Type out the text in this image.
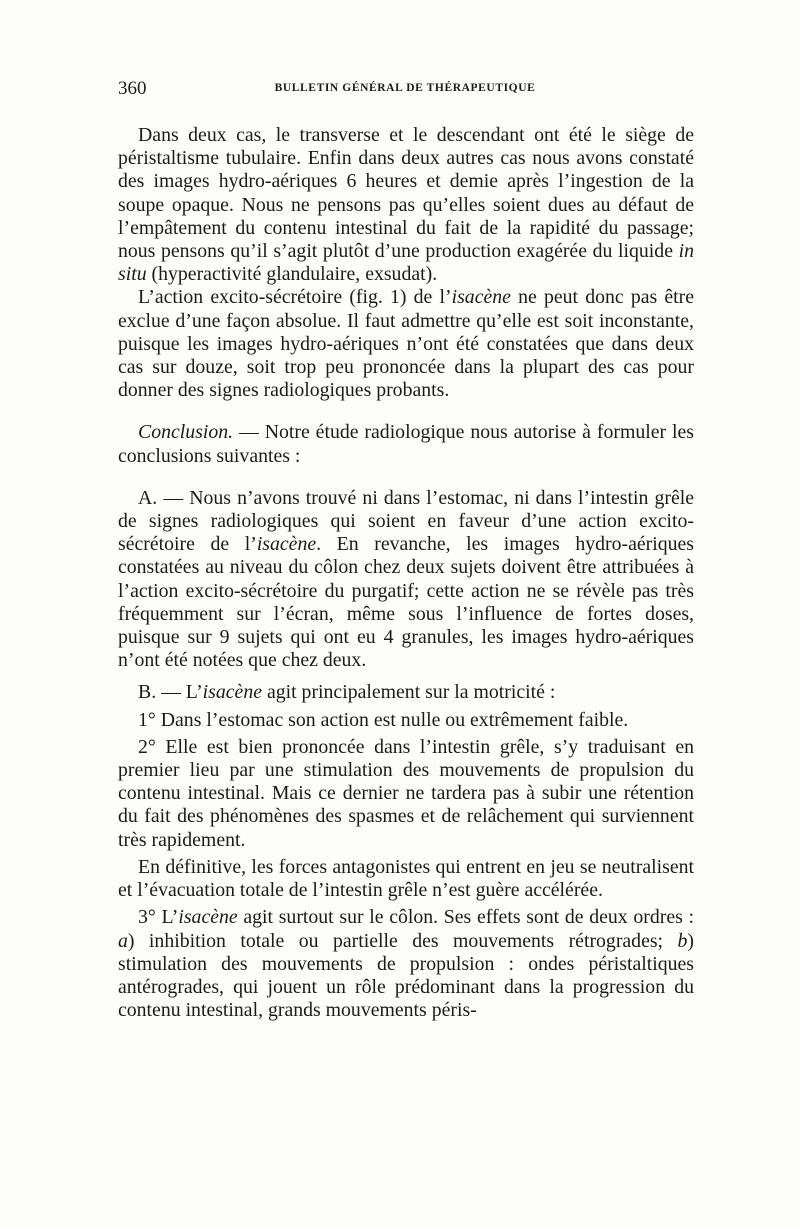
360	BULLETIN GÉNÉRAL DE THÉRAPEUTIQUE

Dans deux cas, le transverse et le descendant ont été le siège de péristaltisme tubulaire. Enfin dans deux autres cas nous avons constaté des images hydro-aériques 6 heures et demie après l’ingestion de la soupe opaque. Nous ne pensons pas qu’elles soient dues au défaut de l’empâtement du contenu intestinal du fait de la rapidité du passage; nous pensons qu’il s’agit plutôt d’une production exagérée du liquide in situ (hyperactivité glandulaire, exsudat).

L’action excito-sécrétoire (fig. 1) de l’isacène ne peut donc pas être exclue d’une façon absolue. Il faut admettre qu’elle est soit inconstante, puisque les images hydro-aériques n’ont été constatées que dans deux cas sur douze, soit trop peu prononcée dans la plupart des cas pour donner des signes radiologiques probants.

Conclusion. — Notre étude radiologique nous autorise à formuler les conclusions suivantes :

A. — Nous n’avons trouvé ni dans l’estomac, ni dans l’intestin grêle de signes radiologiques qui soient en faveur d’une action excito-sécrétoire de l’isacène. En revanche, les images hydro-aériques constatées au niveau du côlon chez deux sujets doivent être attribuées à l’action excito-sécrétoire du purgatif; cette action ne se révèle pas très fréquemment sur l’écran, même sous l’influence de fortes doses, puisque sur 9 sujets qui ont eu 4 granules, les images hydro-aériques n’ont été notées que chez deux.

B. — L’isacène agit principalement sur la motricité :

1° Dans l’estomac son action est nulle ou extrêmement faible.

2° Elle est bien prononcée dans l’intestin grêle, s’y traduisant en premier lieu par une stimulation des mouvements de propulsion du contenu intestinal. Mais ce dernier ne tardera pas à subir une rétention du fait des phénomènes des spasmes et de relâchement qui surviennent très rapidement.

En définitive, les forces antagonistes qui entrent en jeu se neutralisent et l’évacuation totale de l’intestin grêle n’est guère accélérée.

3° L’isacène agit surtout sur le côlon. Ses effets sont de deux ordres : a) inhibition totale ou partielle des mouvements rétrogrades; b) stimulation des mouvements de propulsion : ondes péristaltiques antérogrades, qui jouent un rôle prédominant dans la progression du contenu intestinal, grands mouvements péris-
